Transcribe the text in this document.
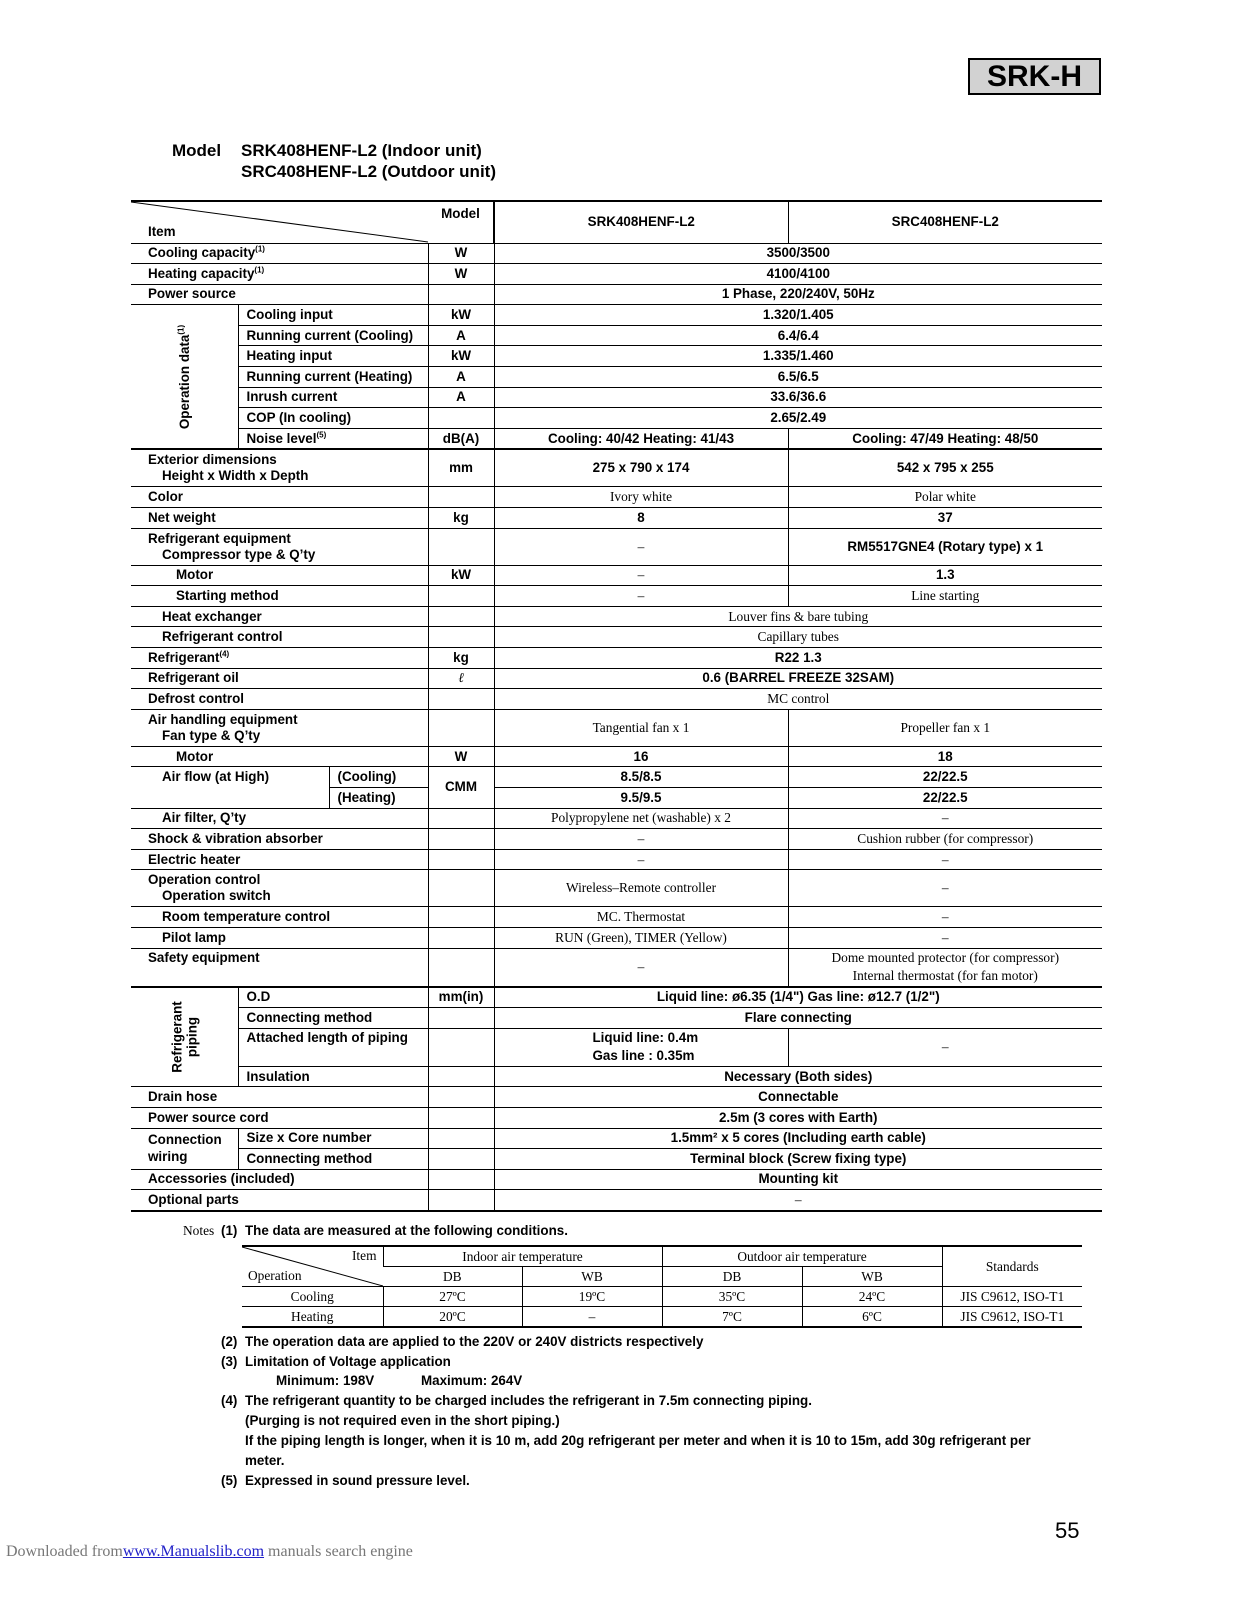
SRK-H
Model SRK408HENF-L2 (Indoor unit)
SRC408HENF-L2 (Outdoor unit)
Item			Model	SRK408HENF-L2	SRC408HENF-L2
Cooling capacity$^{(1)}$			W	3500/3500	
Heating capacity$^{(1)}$			W	4100/4100	
Power source				1 Phase, 220/240V, 50Hz	
Operation data$^{(1)}$	Cooling input		kW	1.320/1.405	
	Running current (Cooling)		A	6.4/6.4	
	Heating input		kW	1.335/1.460	
	Running current (Heating)		A	6.5/6.5	
	Inrush current		A	33.6/36.6	
	COP (In cooling)			2.65/2.49	
	Noise level$^{(5)}$		dB(A)	Cooling: 40/42 Heating: 41/43	Cooling: 47/49 Heating: 48/50

Exterior dimensions
Height x Width x Depth			mm	275 x 790 x 174	542 x 795 x 255
Color				Ivory white	Polar white
Net weight			kg	8	37

Refrigerant equipment
Compressor type & Q’ty				–	RM5517GNE4 (Rotary type) x 1
Motor			kW	–	1.3
Starting method				–	Line starting
Heat exchanger				Louver fins & bare tubing	
Refrigerant control				Capillary tubes	
Refrigerant$^{(4)}$			kg	R22 1.3	
Refrigerant oil			ℓ	0.6 (BARREL FREEZE 32SAM)	
Defrost control				MC control	

Air handling equipment
Fan type & Q’ty				Tangential fan x 1	Propeller fan x 1
Motor			W	16	18
Air flow (at High)		(Cooling)	CMM	8.5/8.5	22/22.5
		(Heating)		9.5/9.5	22/22.5
Air filter, Q’ty				Polypropylene net (washable) x 2	–
Shock & vibration absorber				–	Cushion rubber (for compressor)
Electric heater				–	–

Operation control
Operation switch				Wireless–Remote controller	–
Room temperature control				MC. Thermostat	–
Pilot lamp				RUN (Green), TIMER (Yellow)	–
Safety equipment				–	Dome mounted protector (for compressor)
Internal thermostat (for fan motor)

Refrigerant piping	O.D		mm(in)	Liquid line: ø6.35 (1/4") Gas line: ø12.7 (1/2")	
	Connecting method			Flare connecting	
	Attached length of piping			Liquid line: 0.4m
Gas line : 0.35m	–
	Insulation			Necessary (Both sides)	
Drain hose				Connectable	
Power source cord				2.5m (3 cores with Earth)	

Connection
wiring	Size x Core number			1.5mm² x 5 cores (Including earth cable)	
	Connecting method			Terminal block (Screw fixing type)	
Accessories (included)				Mounting kit	
Optional parts				–	
Notes (1) The data are measured at the following conditions.
Item
Operation	Indoor air temperature		Outdoor air temperature		Standards
	DB	WB	DB	WB	
Cooling	27ºC	19ºC	35ºC	24ºC	JIS C9612, ISO-T1
Heating	20ºC	–	7ºC	6ºC	JIS C9612, ISO-T1
(2) The operation data are applied to the 220V or 240V districts respectively
(3) Limitation of Voltage application
Minimum: 198V	Maximum: 264V
(4) The refrigerant quantity to be charged includes the refrigerant in 7.5m connecting piping.
(Purging is not required even in the short piping.)
If the piping length is longer, when it is 10 m, add 20g refrigerant per meter and when it is 10 to 15m, add 30g refrigerant per
meter.
(5) Expressed in sound pressure level.
55
Downloaded fromwww.Manualslib.com manuals search engine
